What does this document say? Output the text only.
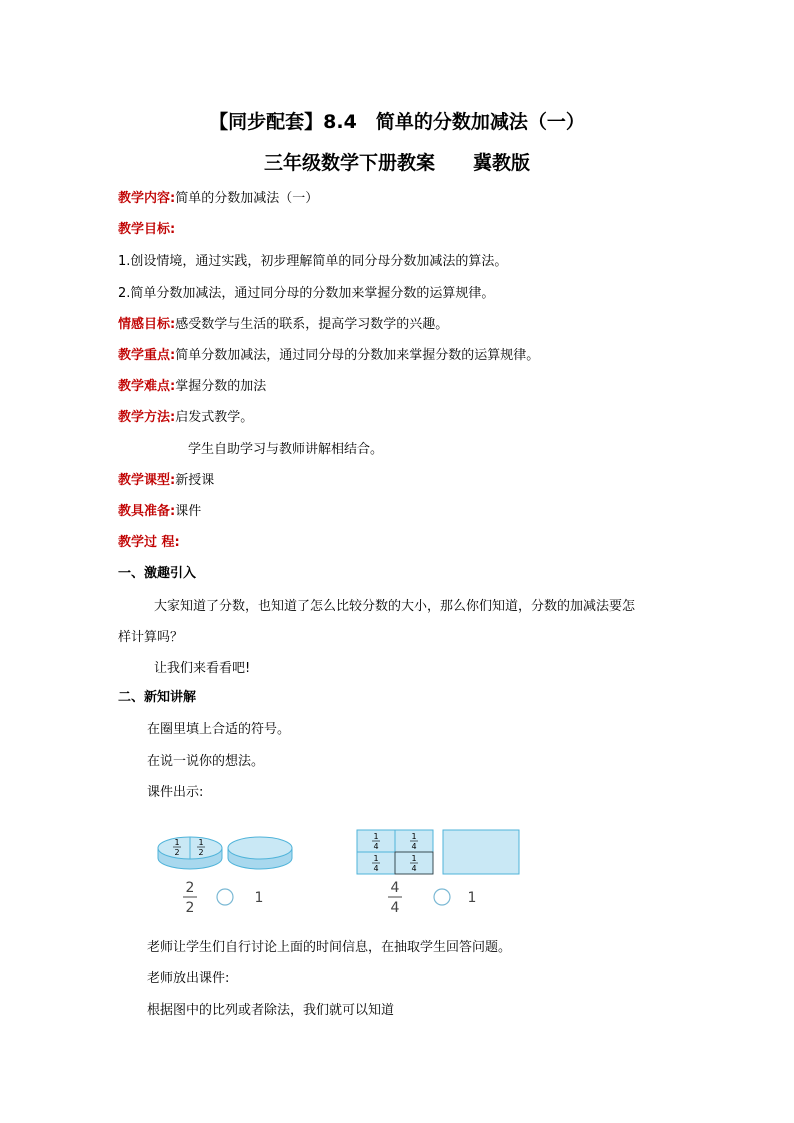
【同步配套】8.4　简单的分数加减法（一）
三年级数学下册教案　　冀教版
教学内容:简单的分数加减法（一）
教学目标:
1.创设情境，通过实践，初步理解简单的同分母分数加减法的算法。
2.简单分数加减法，通过同分母的分数加来掌握分数的运算规律。
情感目标:感受数学与生活的联系，提高学习数学的兴趣。
教学重点:简单分数加减法，通过同分母的分数加来掌握分数的运算规律。
教学难点:掌握分数的加法
教学方法:启发式教学。
学生自助学习与教师讲解相结合。
教学课型:新授课
教具准备:课件
教学过 程:
一、激趣引入
大家知道了分数，也知道了怎么比较分数的大小，那么你们知道，分数的加减法要怎
样计算吗？
让我们来看看吧!
二、新知讲解
在圈里填上合适的符号。
在说一说你的想法。
课件出示:
1
2
1
2
2
2
1
1
4
1
4
1
4
1
4
4
4
1
老师让学生们自行讨论上面的时间信息，在抽取学生回答问题。
老师放出课件:
根据图中的比列或者除法，我们就可以知道
